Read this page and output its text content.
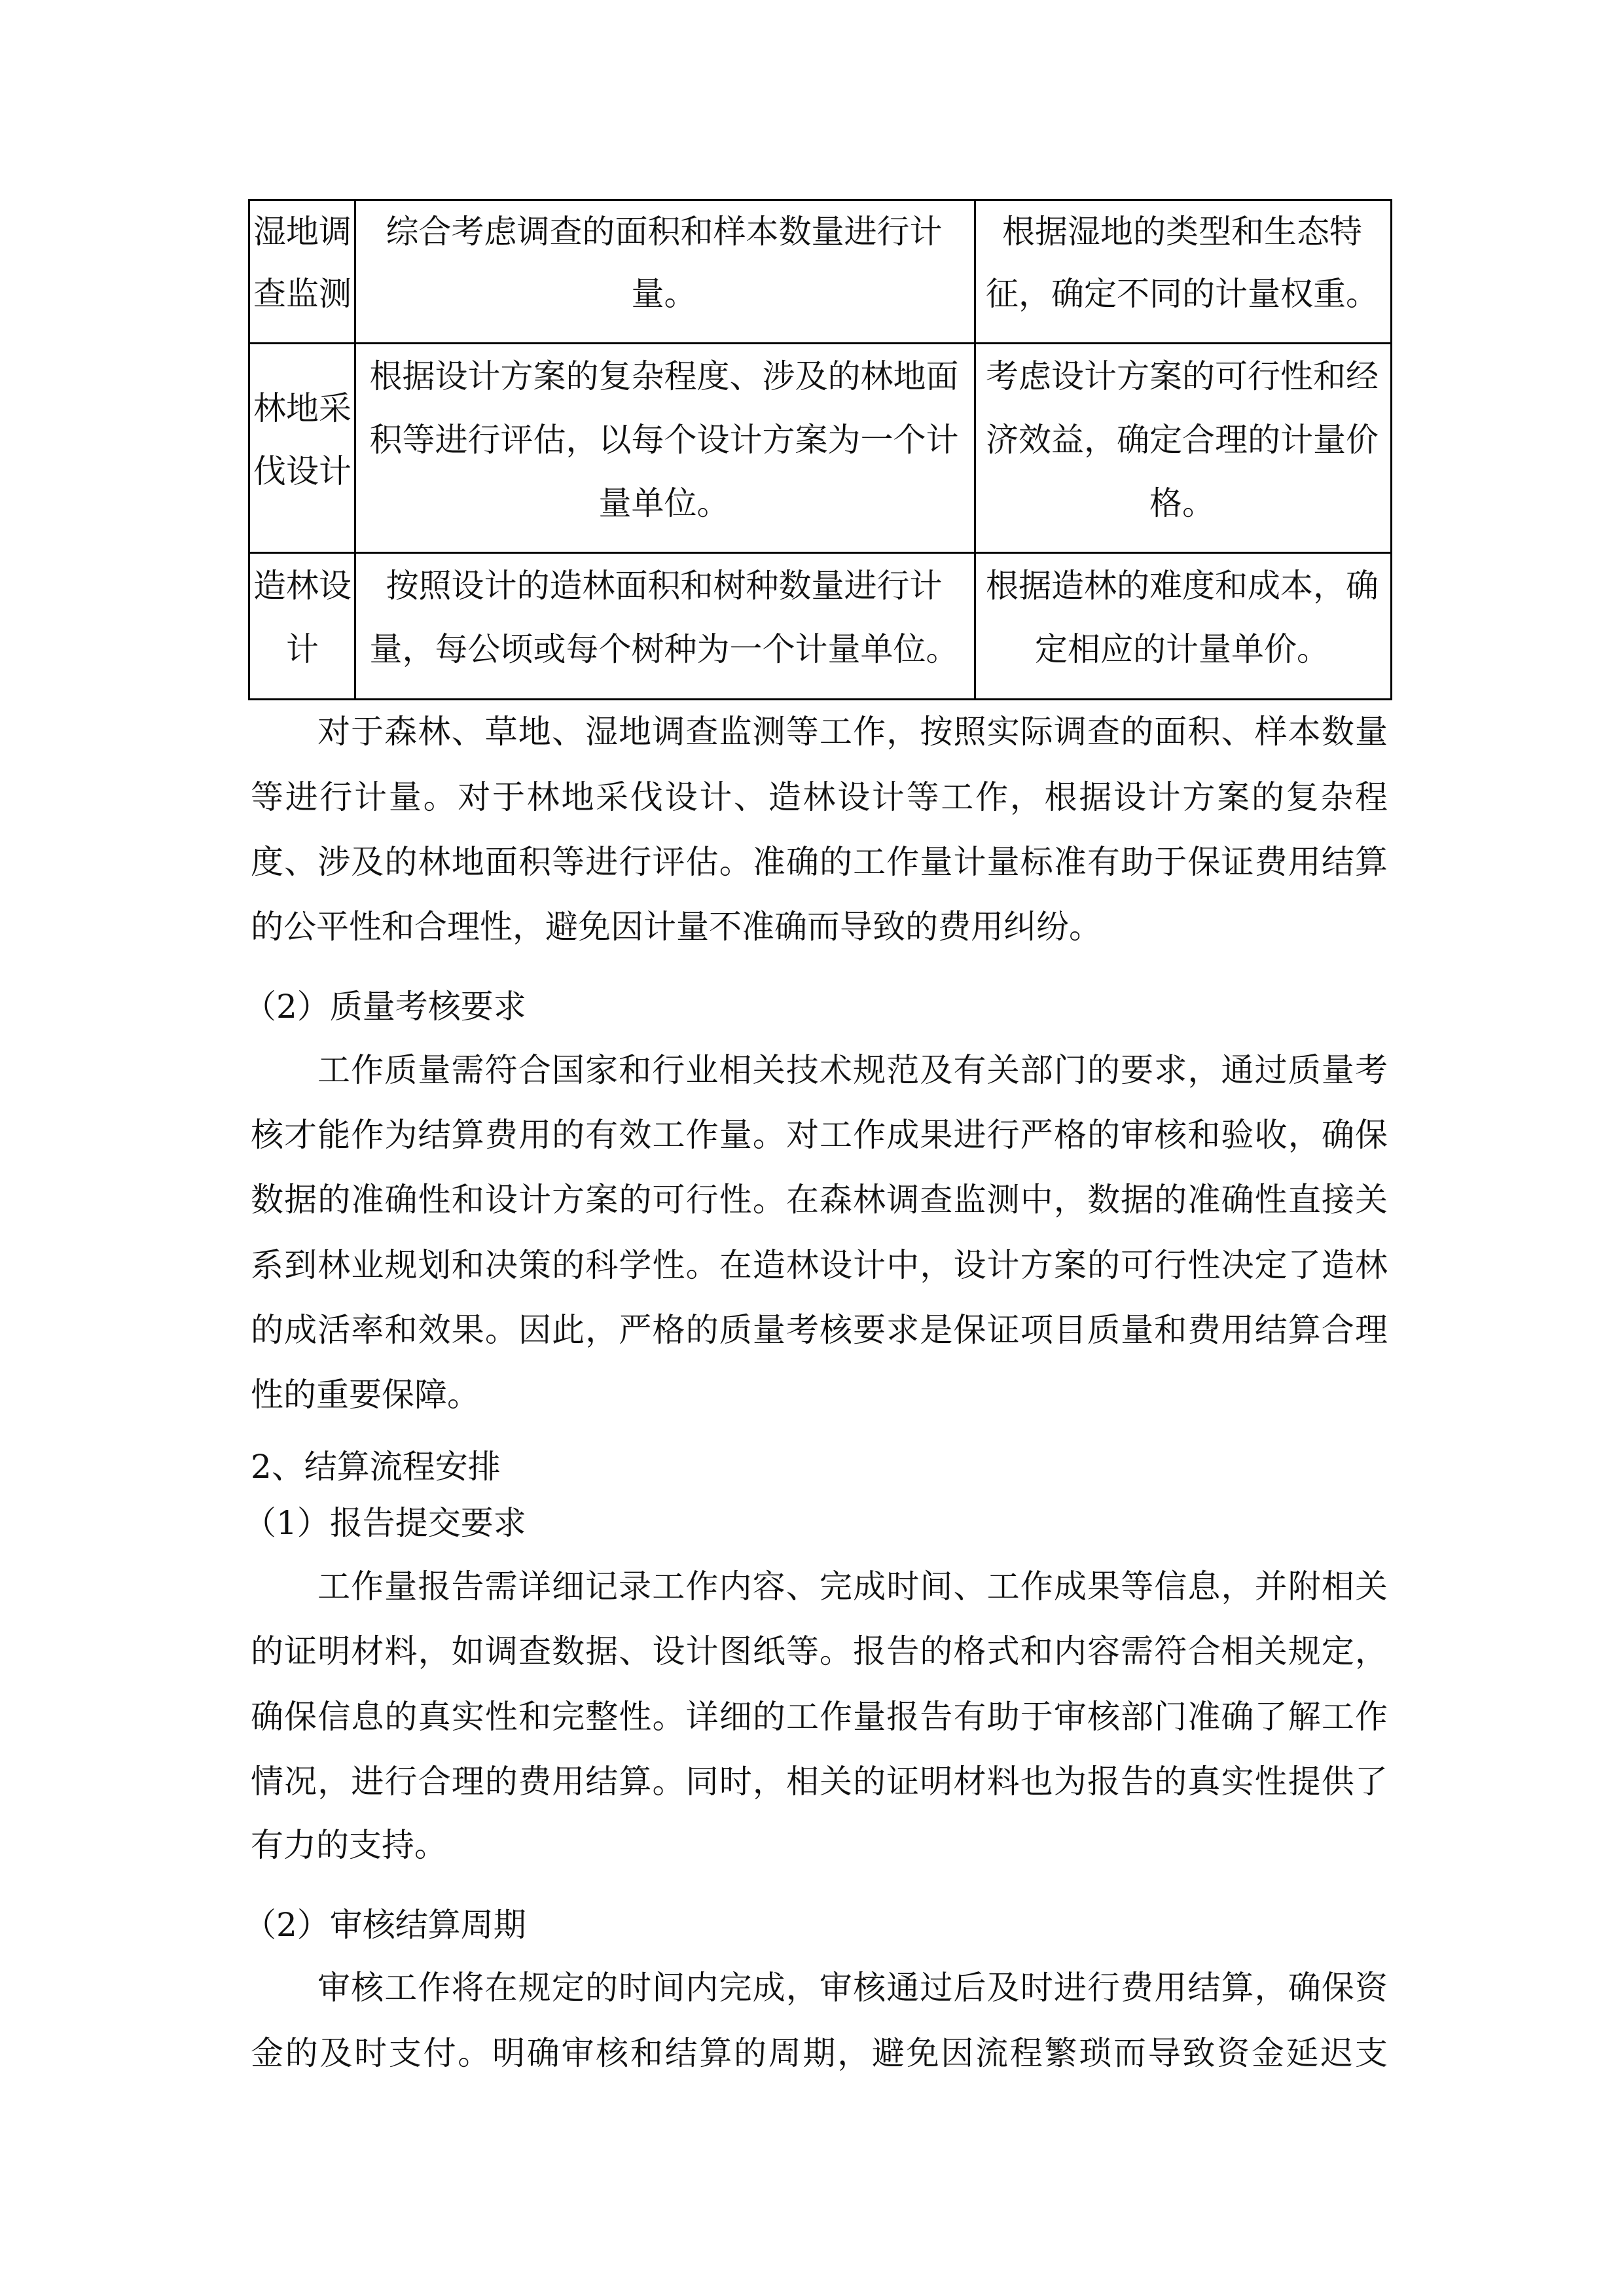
湿地调
查监测
综合考虑调查的面积和样本数量进行计
量。
根据湿地的类型和生态特
征，确定不同的计量权重。
林地采
伐设计
根据设计方案的复杂程度、涉及的林地面
积等进行评估，以每个设计方案为一个计
量单位。
考虑设计方案的可行性和经
济效益，确定合理的计量价
格。
造林设
计
按照设计的造林面积和树种数量进行计
量，每公顷或每个树种为一个计量单位。
根据造林的难度和成本，确
定相应的计量单价。
对于森林、草地、湿地调查监测等工作，按照实际调查的面积、样本数量
等进行计量。对于林地采伐设计、造林设计等工作，根据设计方案的复杂程
度、涉及的林地面积等进行评估。准确的工作量计量标准有助于保证费用结算
的公平性和合理性，避免因计量不准确而导致的费用纠纷。
（2）质量考核要求
工作质量需符合国家和行业相关技术规范及有关部门的要求，通过质量考
核才能作为结算费用的有效工作量。对工作成果进行严格的审核和验收，确保
数据的准确性和设计方案的可行性。在森林调查监测中，数据的准确性直接关
系到林业规划和决策的科学性。在造林设计中，设计方案的可行性决定了造林
的成活率和效果。因此，严格的质量考核要求是保证项目质量和费用结算合理
性的重要保障。
2、结算流程安排
（1）报告提交要求
工作量报告需详细记录工作内容、完成时间、工作成果等信息，并附相关
的证明材料，如调查数据、设计图纸等。报告的格式和内容需符合相关规定，
确保信息的真实性和完整性。详细的工作量报告有助于审核部门准确了解工作
情况，进行合理的费用结算。同时，相关的证明材料也为报告的真实性提供了
有力的支持。
（2）审核结算周期
审核工作将在规定的时间内完成，审核通过后及时进行费用结算，确保资
金的及时支付。明确审核和结算的周期，避免因流程繁琐而导致资金延迟支
